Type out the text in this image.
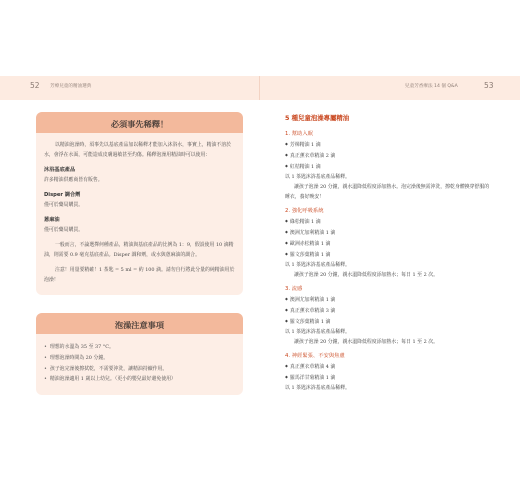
52 芳療兒童的精油選典	兒童芳香療法 14 個 Q&A	53
必須事先稀釋！

以精油泡澡時，須事先以基底產品加以稀釋才能加入沐浴水，事實上，精油不溶於水，會浮在水面，可能造成皮膚過敏甚至灼傷。稀釋泡澡用精油時可以使用：

沐浴基底產品

許多精油供應商皆有販售。

Disper 調合劑

僅可於藥局購買。

蒽麻油

僅可於藥局購買。

一般而言，不論選擇何種產品，精油與基底產品的比例為 1：9，假設使用 10 滴精油，則需要 0.9 毫克基底產品。Disper 調和劑，或水與蒽麻油的調合。

注意！用量要精確！1 茶匙 = 5 ml = 約 100 滴。請勿自行將此分量的純精油用於泡澡！

泡澡注意事項
• 理想的水溫為 35 至 37 °C。
• 理想泡澡時間為 20 分鐘。
• 孩子泡完澡後擦拭乾，不需要沖洗，讓精油持續作用。
• 精油泡澡適用 1 歲以上幼兒。（更小的嬰兒最好避免使用）
5 種兒童泡澡專屬精油
1. 幫助入眠
◆ 芳樟精油 1 滴
◆ 真正薰衣草精油 2 滴
◆ 紅桔精油 1 滴
以 1 茶匙沐浴基底產品稀釋。
讓孩子泡澡 20 分鐘，親水溫降低程度添加熱水。泡完澡後無需沖洗，擦乾身體換穿舒服的睡衣，養好晚安！
2. 強化呼吸系統
◆ 綠松精油 1 滴
◆ 澳洲尤加利精油 1 滴
◆ 歐洲赤松精油 1 滴
◆ 羅文莎葉精油 1 滴
以 1 茶匙沐浴基底產品稀釋。
讓孩子泡澡 20 分鐘，親水溫降低程度添加熱水；每日 1 至 2 次。
3. 流感
◆ 澳洲尤加利精油 1 滴
◆ 真正薰衣草精油 3 滴
◆ 羅文莎葉精油 1 滴
以 1 茶匙沐浴基底產品稀釋。
讓孩子泡澡 20 分鐘，親水溫降低程度添加熱水；每日 1 至 2 次。
4. 神經緊張、不安與焦慮
◆ 真正薰衣草精油 4 滴
◆ 羅馬洋甘菊精油 1 滴
以 1 茶匙沐浴基底產品稀釋。
